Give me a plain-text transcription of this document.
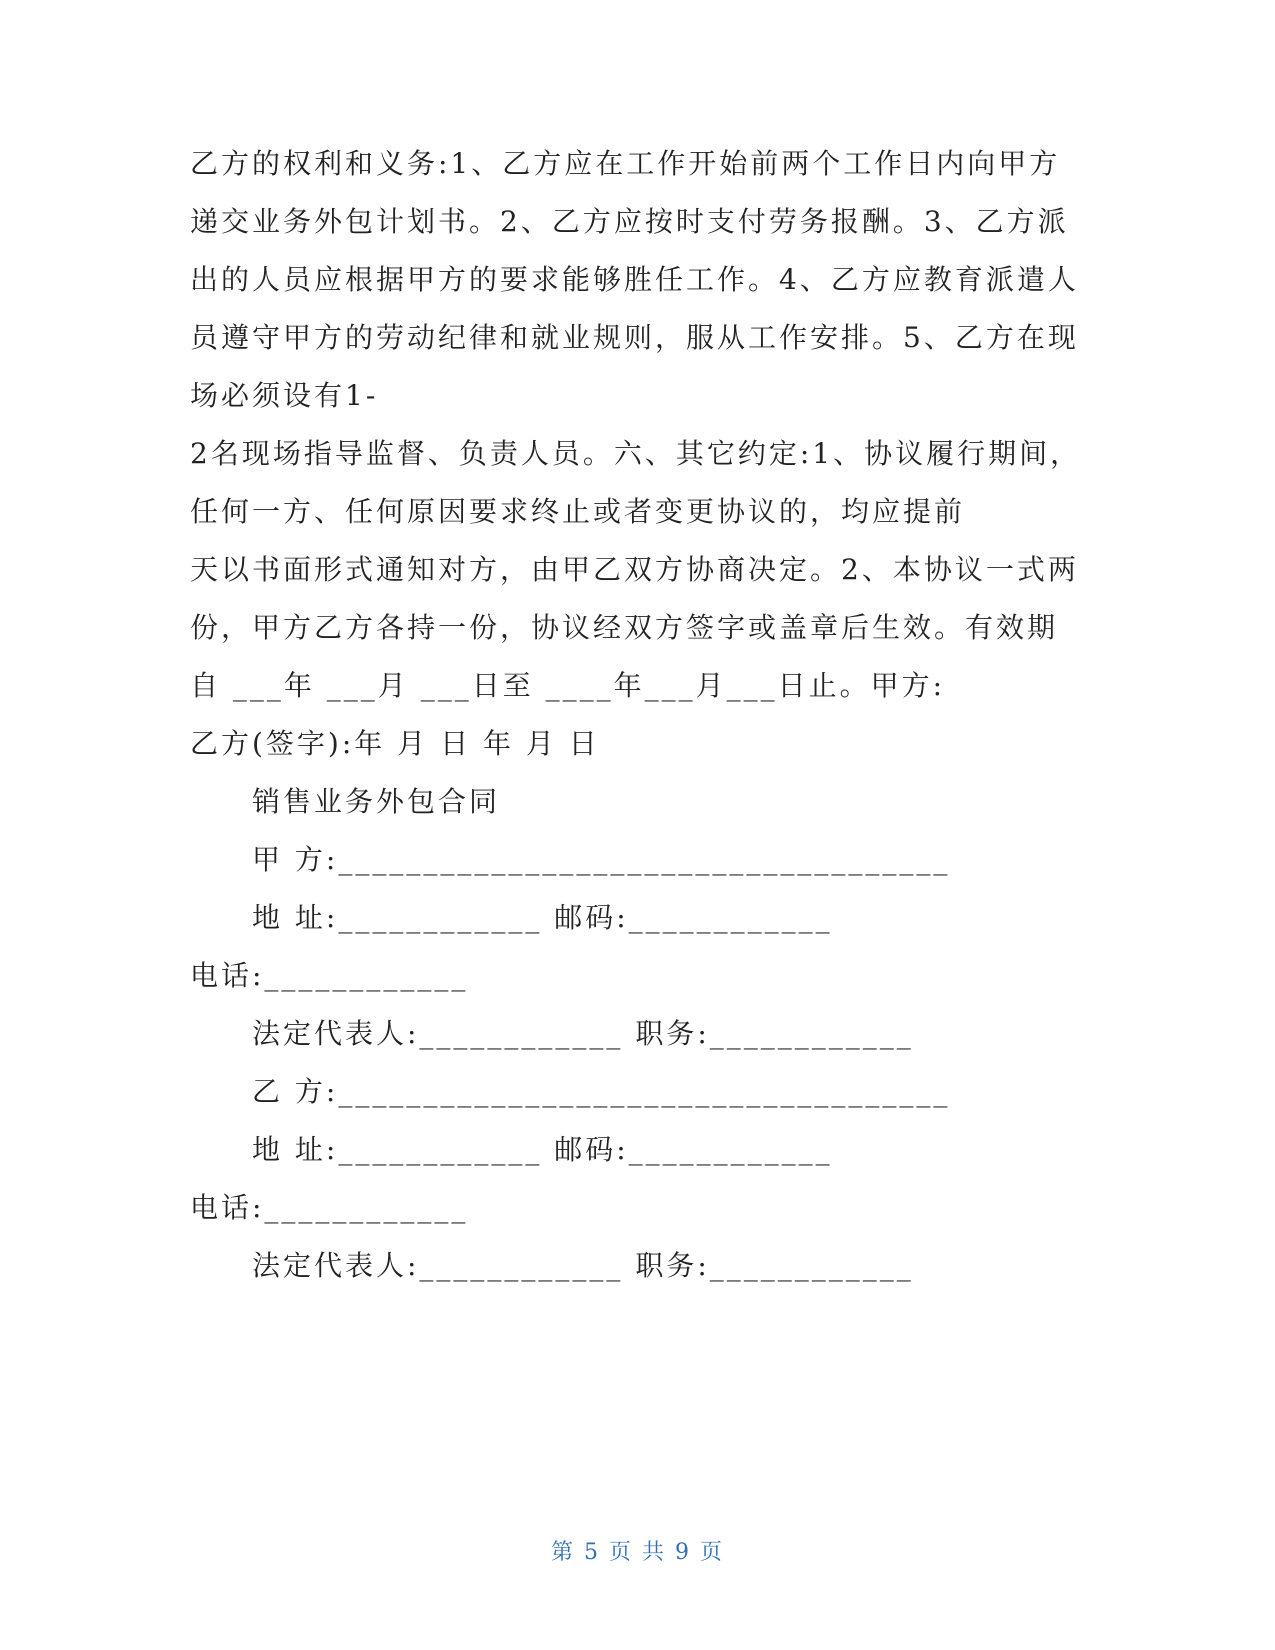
乙方的权利和义务:1、乙方应在工作开始前两个工作日内向甲方
递交业务外包计划书。2、乙方应按时支付劳务报酬。3、乙方派
出的人员应根据甲方的要求能够胜任工作。4、乙方应教育派遣人
员遵守甲方的劳动纪律和就业规则，服从工作安排。5、乙方在现
场必须设有1-
2名现场指导监督、负责人员。六、其它约定:1、协议履行期间，
任何一方、任何原因要求终止或者变更协议的，均应提前
天以书面形式通知对方，由甲乙双方协商决定。2、本协议一式两
份，甲方乙方各持一份，协议经双方签字或盖章后生效。有效期
自 ___年 ___月 ___日至 ____年___月___日止。甲方:
乙方(签字):年 月 日 年 月 日
销售业务外包合同
甲 方:____________________________________
地 址:____________ 邮码:____________
电话:____________
法定代表人:____________ 职务:____________
乙 方:____________________________________
地 址:____________ 邮码:____________
电话:____________
法定代表人:____________ 职务:____________
第 5 页 共 9 页
